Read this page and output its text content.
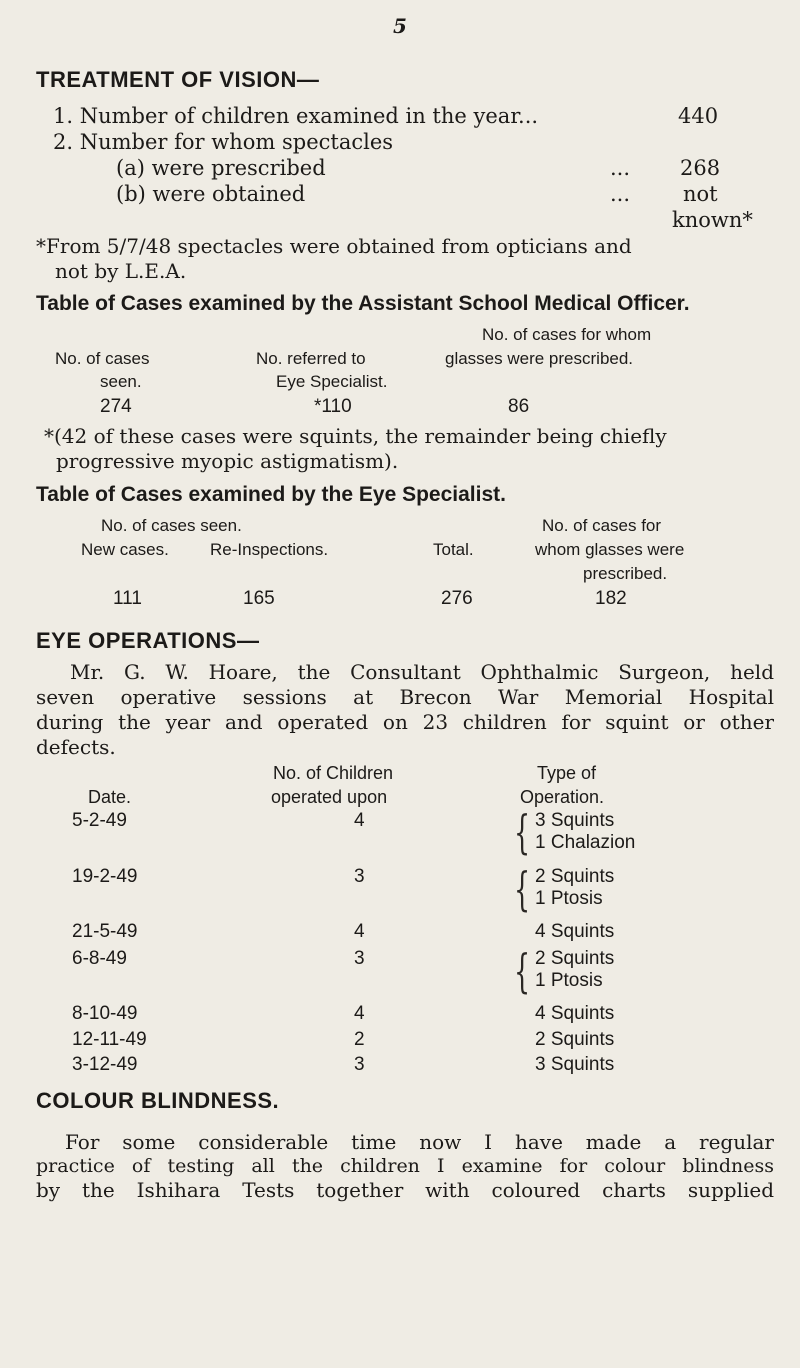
5
TREATMENT OF VISION—
1. Number of children examined in the year...	440
2. Number for whom spectacles
(a) were prescribed	... 268
(b) were obtained	...	not
known*
*From 5/7/48 spectacles were obtained from opticians and
not by L.E.A.
Table of Cases examined by the Assistant School Medical Officer.
No. of cases for whom
No. of cases	No. referred to	glasses were prescribed.
seen.	Eye Specialist.
274	*110	86
*(42 of these cases were squints, the remainder being chiefly
progressive myopic astigmatism).
Table of Cases examined by the Eye Specialist.
No. of cases seen.	No. of cases for
New cases. Re-Inspections.	Total.	whom glasses were
prescribed.
111	165	276	182
EYE OPERATIONS—
Mr. G. W. Hoare, the Consultant Ophthalmic Surgeon, held
seven operative sessions at Brecon War Memorial Hospital
during the year and operated on 23 children for squint or other
defects.
No. of Children	Type of
Date.	operated upon	Operation.
5-2-49	4	{ 3 Squints
1 Chalazion
19-2-49	3	{ 2 Squints
1 Ptosis
21-5-49	4	4 Squints
6-8-49	3	{ 2 Squints
1 Ptosis
8-10-49	4	4 Squints
12-11-49	2	2 Squints
3-12-49	3	3 Squints
COLOUR BLINDNESS.
For some considerable time now I have made a regular
practice of testing all the children I examine for colour blindness
by the Ishihara Tests together with coloured charts supplied
